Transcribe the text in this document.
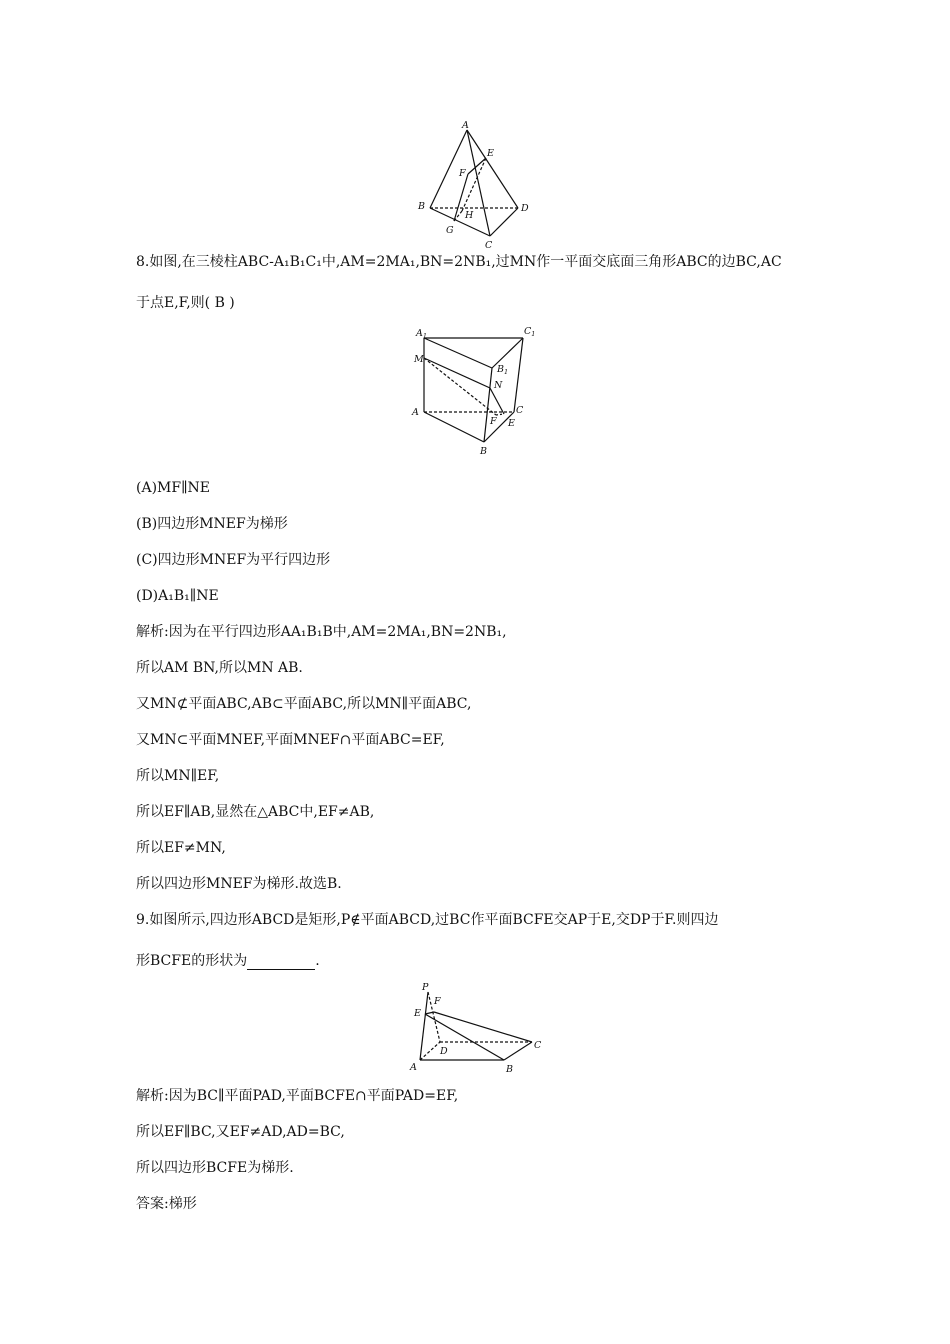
A
B
C
D
E
F
G
H
8.如图,在三棱柱ABC-A₁B₁C₁中,AM=2MA₁,BN=2NB₁,过MN作一平面交底面三角形ABC的边BC,AC
于点E,F,则( B )
$A_1$	$C_1$
M
$B_1$
N
A	C
F E
B
(A)MF∥NE
(B)四边形MNEF为梯形
(C)四边形MNEF为平行四边形
(D)A₁B₁∥NE
解析:因为在平行四边形AA₁B₁B中,AM=2MA₁,BN=2NB₁,
所以AM BN,所以MN AB.
又MN⊄平面ABC,AB⊂平面ABC,所以MN∥平面ABC,
又MN⊂平面MNEF,平面MNEF∩平面ABC=EF,
所以MN∥EF,
所以EF∥AB,显然在△ABC中,EF≠AB,
所以EF≠MN,
所以四边形MNEF为梯形.故选B.
9.如图所示,四边形ABCD是矩形,P∉平面ABCD,过BC作平面BCFE交AP于E,交DP于F.则四边
形BCFE的形状为	.
P
F
E
D
C
A	B
解析:因为BC∥平面PAD,平面BCFE∩平面PAD=EF,
所以EF∥BC,又EF≠AD,AD=BC,
所以四边形BCFE为梯形.
答案:梯形
